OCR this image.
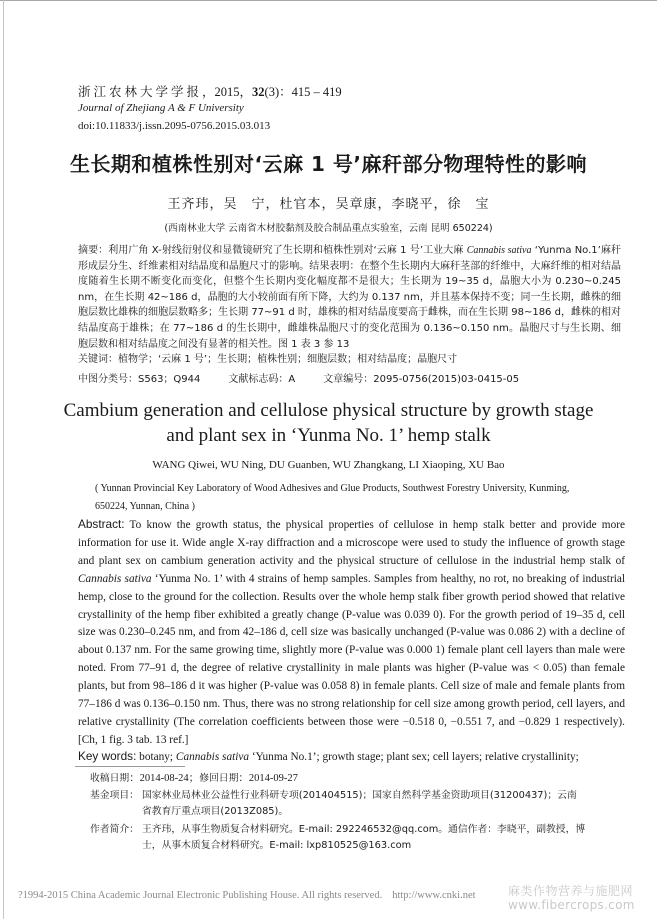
浙江农林大学学报，2015，32(3)：415 – 419
Journal of Zhejiang A & F University
doi:10.11833/j.issn.2095-0756.2015.03.013
生长期和植株性别对‘云麻 1 号’麻秆部分物理特性的影响
王齐玮，吴　宁，杜官本，吴章康，李晓平，徐　宝
(西南林业大学 云南省木材胶黏剂及胶合制品重点实验室，云南 昆明 650224)
摘要：利用广角 X-射线衍射仪和显微镜研究了生长期和植株性别对‘云麻 1 号’工业大麻 Cannabis sativa ‘Yunma No.1’麻秆形成层分生、纤维素相对结晶度和晶胞尺寸的影响。结果表明：在整个生长期内大麻秆茎部的纤维中，大麻纤维的相对结晶度随着生长期不断变化而变化，但整个生长期内变化幅度都不是很大；生长期为 19~35 d，晶胞大小为 0.230~0.245 nm，在生长期 42~186 d，晶胞的大小较前面有所下降，大约为 0.137 nm，并且基本保持不变；同一生长期，雌株的细胞层数比雄株的细胞层数略多；生长期 77~91 d 时，雄株的相对结晶度要高于雌株，而在生长期 98~186 d，雌株的相对结晶度高于雄株；在 77~186 d 的生长期中，雌雄株晶胞尺寸的变化范围为 0.136~0.150 nm。晶胞尺寸与生长期、细胞层数和相对结晶度之间没有显著的相关性。图 1 表 3 参 13
关键词：植物学；‘云麻 1 号’；生长期；植株性别；细胞层数；相对结晶度；晶胞尺寸
中图分类号：S563；Q944	文献标志码：A	文章编号：2095-0756(2015)03-0415-05
Cambium generation and cellulose physical structure by growth stage
and plant sex in ‘Yunma No. 1’ hemp stalk
WANG Qiwei, WU Ning, DU Guanben, WU Zhangkang, LI Xiaoping, XU Bao
( Yunnan Provincial Key Laboratory of Wood Adhesives and Glue Products, Southwest Forestry University, Kunming,
650224, Yunnan, China )
Abstract: To know the growth status, the physical properties of cellulose in hemp stalk better and provide more information for use it. Wide angle X-ray diffraction and a microscope were used to study the influence of growth stage and plant sex on cambium generation activity and the physical structure of cellulose in the industrial hemp stalk of Cannabis sativa ‘Yunma No. 1’ with 4 strains of hemp samples. Samples from healthy, no rot, no breaking of industrial hemp, close to the ground for the collection. Results over the whole hemp stalk fiber growth period showed that relative crystallinity of the hemp fiber exhibited a greatly change (P-value was 0.039 0). For the growth period of 19–35 d, cell size was 0.230–0.245 nm, and from 42–186 d, cell size was basically unchanged (P-value was 0.086 2) with a decline of about 0.137 nm. For the same growing time, slightly more (P-value was 0.000 1) female plant cell layers than male were noted. From 77–91 d, the degree of relative crystallinity in male plants was higher (P-value was < 0.05) than female plants, but from 98–186 d it was higher (P-value was 0.058 8) in female plants. Cell size of male and female plants from 77–186 d was 0.136–0.150 nm. Thus, there was no strong relationship for cell size among growth period, cell layers, and relative crystallinity (The correlation coefficients between those were −0.518 0, −0.551 7, and −0.829 1 respectively). [Ch, 1 fig. 3 tab. 13 ref.]
Key words: botany; Cannabis sativa ‘Yunma No.1’; growth stage; plant sex; cell layers; relative crystallinity;
收稿日期：2014-08-24；修回日期：2014-09-27
基金项目： 国家林业局林业公益性行业科研专项(201404515)；国家自然科学基金资助项目(31200437)；云南
省教育厅重点项目(2013Z085)。
作者简介： 王齐玮，从事生物质复合材料研究。E-mail: 292246532@qq.com。通信作者：李晓平，副教授，博
士，从事木质复合材料研究。E-mail: lxp810525@163.com
?1994-2015 China Academic Journal Electronic Publishing House. All rights reserved. http://www.cnki.net	麻类作物营养与施肥网
www.fibercrops.com
